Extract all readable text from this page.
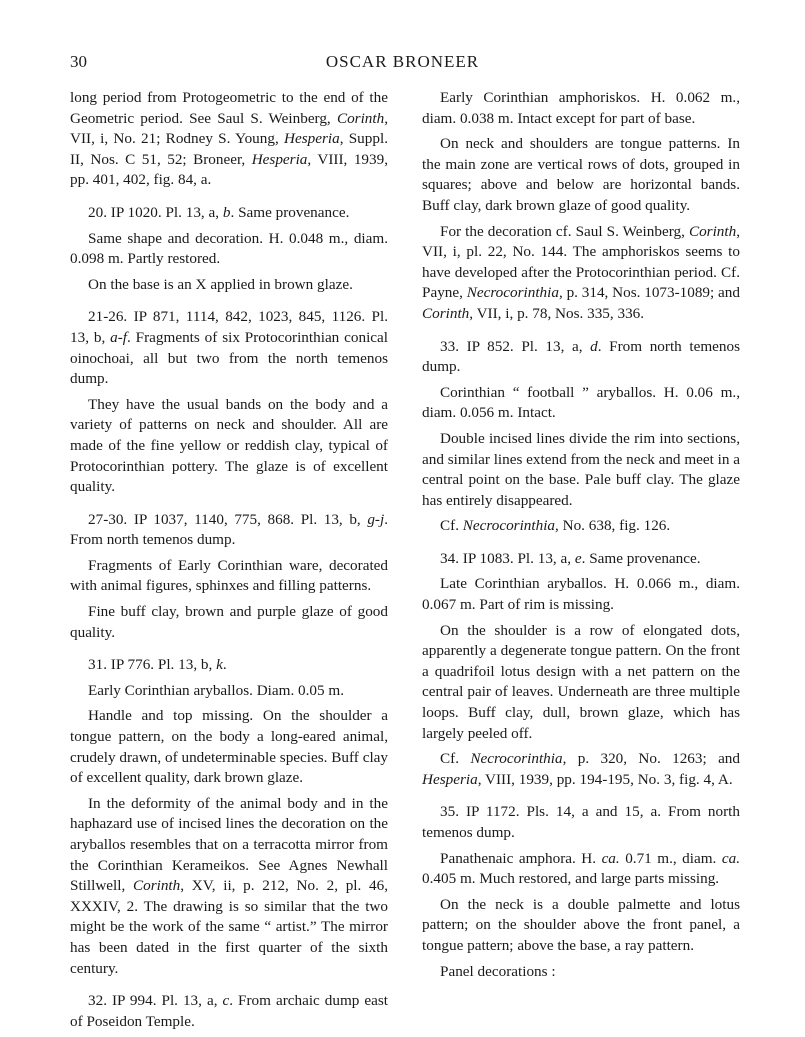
30	OSCAR BRONEER

long period from Protogeometric to the end of the Geometric period. See Saul S. Weinberg, Corinth, VII, i, No. 21; Rodney S. Young, Hesperia, Suppl. II, Nos. C 51, 52; Broneer, Hesperia, VIII, 1939, pp. 401, 402, fig. 84, a.

20. IP 1020. Pl. 13, a, b. Same provenance.

Same shape and decoration. H. 0.048 m., diam. 0.098 m. Partly restored.

On the base is an X applied in brown glaze.

21-26. IP 871, 1114, 842, 1023, 845, 1126. Pl. 13, b, a-f. Fragments of six Protocorinthian conical oinochoai, all but two from the north temenos dump.

They have the usual bands on the body and a variety of patterns on neck and shoulder. All are made of the fine yellow or reddish clay, typical of Protocorinthian pottery. The glaze is of excellent quality.

27-30. IP 1037, 1140, 775, 868. Pl. 13, b, g-j. From north temenos dump.

Fragments of Early Corinthian ware, decorated with animal figures, sphinxes and filling patterns.

Fine buff clay, brown and purple glaze of good quality.

31. IP 776. Pl. 13, b, k.

Early Corinthian aryballos. Diam. 0.05 m.

Handle and top missing. On the shoulder a tongue pattern, on the body a long-eared animal, crudely drawn, of undeterminable species. Buff clay of excellent quality, dark brown glaze.

In the deformity of the animal body and in the haphazard use of incised lines the decoration on the aryballos resembles that on a terracotta mirror from the Corinthian Kerameikos. See Agnes Newhall Stillwell, Corinth, XV, ii, p. 212, No. 2, pl. 46, XXXIV, 2. The drawing is so similar that the two might be the work of the same “ artist.” The mirror has been dated in the first quarter of the sixth century.

32. IP 994. Pl. 13, a, c. From archaic dump east of Poseidon Temple.

Early Corinthian amphoriskos. H. 0.062 m., diam. 0.038 m. Intact except for part of base.

On neck and shoulders are tongue patterns. In the main zone are vertical rows of dots, grouped in squares; above and below are horizontal bands. Buff clay, dark brown glaze of good quality.

For the decoration cf. Saul S. Weinberg, Corinth, VII, i, pl. 22, No. 144. The amphoriskos seems to have developed after the Protocorinthian period. Cf. Payne, Necrocorinthia, p. 314, Nos. 1073-1089; and Corinth, VII, i, p. 78, Nos. 335, 336.

33. IP 852. Pl. 13, a, d. From north temenos dump.

Corinthian “ football ” aryballos. H. 0.06 m., diam. 0.056 m. Intact.

Double incised lines divide the rim into sections, and similar lines extend from the neck and meet in a central point on the base. Pale buff clay. The glaze has entirely disappeared.

Cf. Necrocorinthia, No. 638, fig. 126.

34. IP 1083. Pl. 13, a, e. Same provenance.

Late Corinthian aryballos. H. 0.066 m., diam. 0.067 m. Part of rim is missing.

On the shoulder is a row of elongated dots, apparently a degenerate tongue pattern. On the front a quadrifoil lotus design with a net pattern on the central pair of leaves. Underneath are three multiple loops. Buff clay, dull, brown glaze, which has largely peeled off.

Cf. Necrocorinthia, p. 320, No. 1263; and Hesperia, VIII, 1939, pp. 194-195, No. 3, fig. 4, A.

35. IP 1172. Pls. 14, a and 15, a. From north temenos dump.

Panathenaic amphora. H. ca. 0.71 m., diam. ca. 0.405 m. Much restored, and large parts missing.

On the neck is a double palmette and lotus pattern; on the shoulder above the front panel, a tongue pattern; above the base, a ray pattern.

Panel decorations :
